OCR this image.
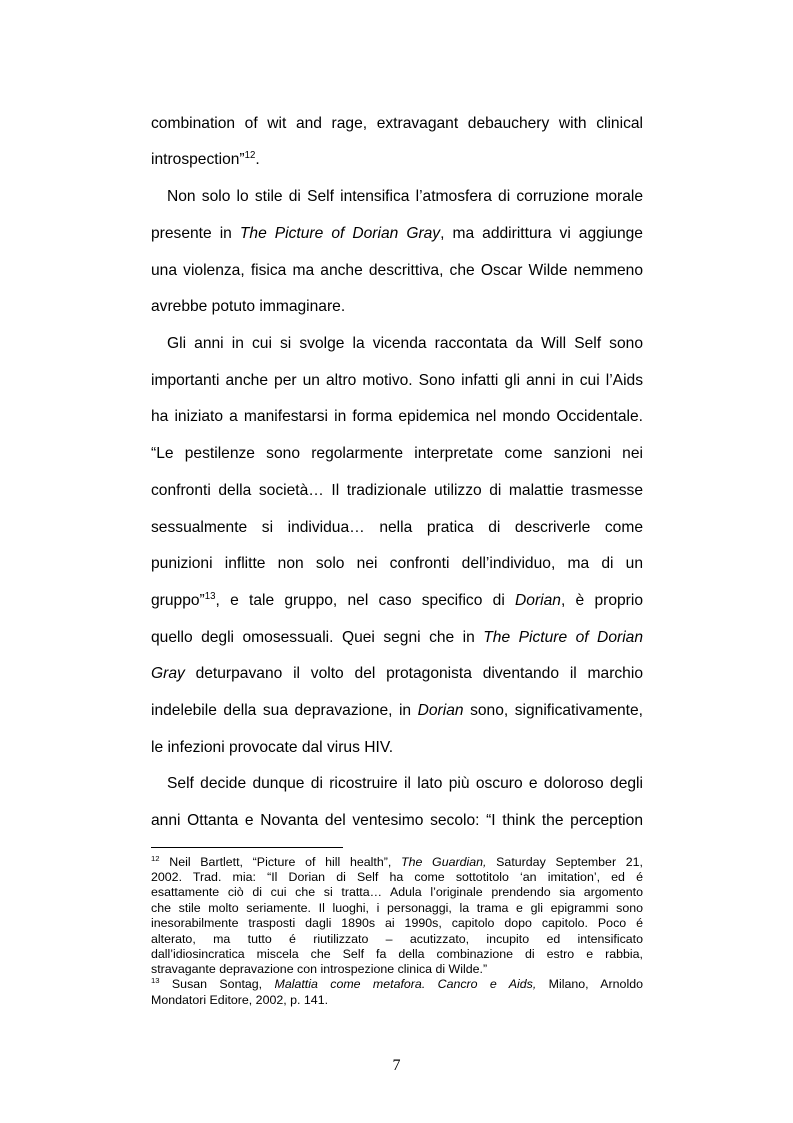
combination of wit and rage, extravagant debauchery with clinical
introspection”$^{12}$.
Non solo lo stile di Self intensifica l’atmosfera di corruzione morale
presente in The Picture of Dorian Gray, ma addirittura vi aggiunge
una violenza, fisica ma anche descrittiva, che Oscar Wilde nemmeno
avrebbe potuto immaginare.
Gli anni in cui si svolge la vicenda raccontata da Will Self sono
importanti anche per un altro motivo. Sono infatti gli anni in cui l’Aids
ha iniziato a manifestarsi in forma epidemica nel mondo Occidentale.
“Le pestilenze sono regolarmente interpretate come sanzioni nei
confronti della società… Il tradizionale utilizzo di malattie trasmesse
sessualmente si individua… nella pratica di descriverle come
punizioni inflitte non solo nei confronti dell’individuo, ma di un
gruppo”$^{13}$, e tale gruppo, nel caso specifico di Dorian, è proprio
quello degli omosessuali. Quei segni che in The Picture of Dorian
Gray deturpavano il volto del protagonista diventando il marchio
indelebile della sua depravazione, in Dorian sono, significativamente,
le infezioni provocate dal virus HIV.
Self decide dunque di ricostruire il lato più oscuro e doloroso degli
anni Ottanta e Novanta del ventesimo secolo: “I think the perception
$^{12}$ Neil Bartlett, “Picture of hill health”, The Guardian, Saturday September 21,
2002. Trad. mia: “Il Dorian di Self ha come sottotitolo ‘an imitation’, ed é
esattamente ciò di cui che si tratta… Adula l’originale prendendo sia argomento
che stile molto seriamente. Il luoghi, i personaggi, la trama e gli epigrammi sono
inesorabilmente trasposti dagli 1890s ai 1990s, capitolo dopo capitolo. Poco é
alterato, ma tutto é riutilizzato – acutizzato, incupito ed intensificato
dall’idiosincratica miscela che Self fa della combinazione di estro e rabbia,
stravagante depravazione con introspezione clinica di Wilde.”
$^{13}$ Susan Sontag, Malattia come metafora. Cancro e Aids, Milano, Arnoldo
Mondatori Editore, 2002, p. 141.
7
